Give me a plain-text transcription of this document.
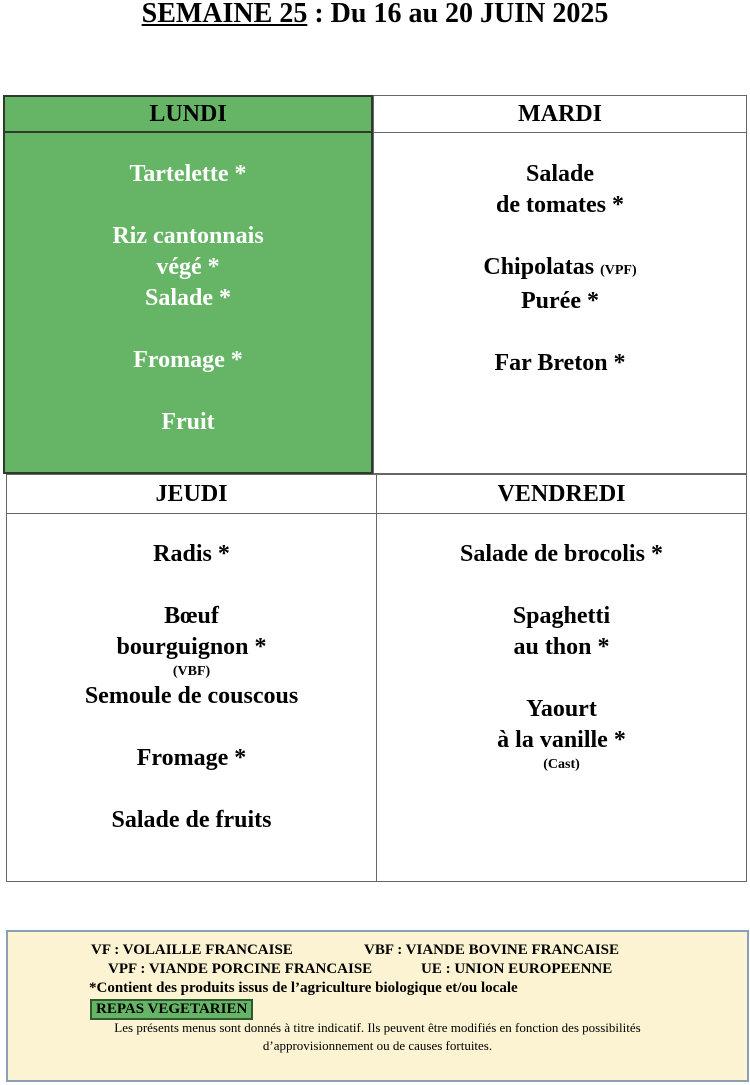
SEMAINE 25 : Du 16 au 20 JUIN 2025
LUNDI
Tartelette *
Riz cantonnais
végé *
Salade *
Fromage *
Fruit
MARDI
Salade
de tomates *
Chipolatas (VPF)
Purée *
Far Breton *
JEUDI
Radis *
Bœuf
bourguignon *
(VBF)
Semoule de couscous
Fromage *
Salade de fruits
VENDREDI
Salade de brocolis *
Spaghetti
au thon *
Yaourt
à la vanille *
(Cast)
VF : VOLAILLE FRANCAISE	VBF : VIANDE BOVINE FRANCAISE
VPF : VIANDE PORCINE FRANCAISE	UE : UNION EUROPEENNE
*Contient des produits issus de l’agriculture biologique et/ou locale
REPAS VEGETARIEN
Les présents menus sont donnés à titre indicatif. Ils peuvent être modifiés en fonction des possibilités
d’approvisionnement ou de causes fortuites.
